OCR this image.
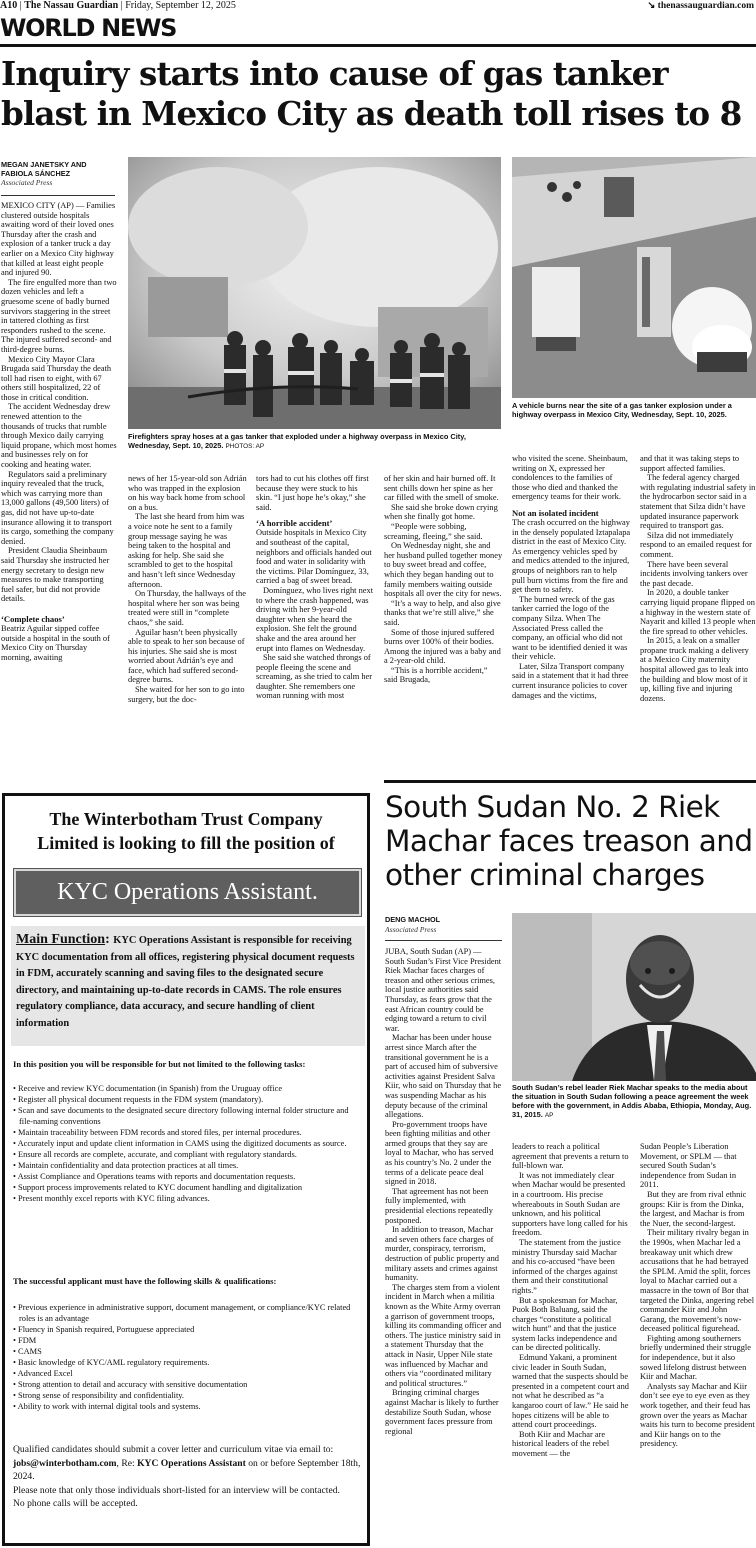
A10 | The Nassau Guardian | Friday, September 12, 2025	↘ thenassauguardian.com
WORLD NEWS
Inquiry starts into cause of gas tanker blast in Mexico City as death toll rises to 8
MEGAN JANETSKY AND
FABIOLA SÁNCHEZ
Associated Press

MEXICO CITY (AP) — Families clustered outside hospitals awaiting word of their loved ones Thursday after the crash and explosion of a tanker truck a day earlier on a Mexico City highway that killed at least eight people and injured 90.

The fire engulfed more than two dozen vehicles and left a gruesome scene of badly burned survivors staggering in the street in tattered clothing as first responders rushed to the scene. The injured suffered second- and third-degree burns.

Mexico City Mayor Clara Brugada said Thursday the death toll had risen to eight, with 67 others still hospitalized, 22 of those in critical condition.

The accident Wednesday drew renewed attention to the thousands of trucks that rumble through Mexico daily carrying liquid propane, which most homes and businesses rely on for cooking and heating water.

Regulators said a preliminary inquiry revealed that the truck, which was carrying more than 13,000 gallons (49,500 liters) of gas, did not have up-to-date insurance allowing it to transport its cargo, something the company denied.

President Claudia Sheinbaum said Thursday she instructed her energy secretary to design new measures to make transporting fuel safer, but did not provide details.

‘Complete chaos’

Beatriz Aguilar sipped coffee outside a hospital in the south of Mexico City on Thursday morning, awaiting

Firefighters spray hoses at a gas tanker that exploded under a highway overpass in Mexico City, Wednesday, Sept. 10, 2025. PHOTOS: AP
A vehicle burns near the site of a gas tanker explosion under a highway overpass in Mexico City, Wednesday, Sept. 10, 2025.

news of her 15-year-old son Adrián who was trapped in the explosion on his way back home from school on a bus.

The last she heard from him was a voice note he sent to a family group message saying he was being taken to the hospital and asking for help. She said she scrambled to get to the hospital and hasn’t left since Wednesday afternoon.

On Thursday, the hallways of the hospital where her son was being treated were still in “complete chaos,” she said.

Aguilar hasn’t been physically able to speak to her son because of his injuries. She said she is most worried about Adrián’s eye and face, which had suffered second-degree burns.

She waited for her son to go into surgery, but the doc-

tors had to cut his clothes off first because they were stuck to his skin. “I just hope he’s okay,” she said.

‘A horrible accident’

Outside hospitals in Mexico City and southeast of the capital, neighbors and officials handed out food and water in solidarity with the victims. Pilar Domínguez, 33, carried a bag of sweet bread.

Domínguez, who lives right next to where the crash happened, was driving with her 9-year-old daughter when she heard the explosion. She felt the ground shake and the area around her erupt into flames on Wednesday.

She said she watched throngs of people fleeing the scene and screaming, as she tried to calm her daughter. She remembers one woman running with most

of her skin and hair burned off. It sent chills down her spine as her car filled with the smell of smoke.

She said she broke down crying when she finally got home.

“People were sobbing, screaming, fleeing,” she said.

On Wednesday night, she and her husband pulled together money to buy sweet bread and coffee, which they began handing out to family members waiting outside hospitals all over the city for news.

“It’s a way to help, and also give thanks that we’re still alive,” she said.

Some of those injured suffered burns over 100% of their bodies. Among the injured was a baby and a 2-year-old child.

“This is a horrible accident,” said Brugada,

who visited the scene. Sheinbaum, writing on X, expressed her condolences to the families of those who died and thanked the emergency teams for their work.

Not an isolated incident

The crash occurred on the highway in the densely populated Iztapalapa district in the east of Mexico City. As emergency vehicles sped by and medics attended to the injured, groups of neighbors ran to help pull burn victims from the fire and get them to safety.

The burned wreck of the gas tanker carried the logo of the company Silza. When The Associated Press called the company, an official who did not want to be identified denied it was their vehicle.

Later, Silza Transport company said in a statement that it had three current insurance policies to cover damages and the victims,

and that it was taking steps to support affected families.

The federal agency charged with regulating industrial safety in the hydrocarbon sector said in a statement that Silza didn’t have updated insurance paperwork required to transport gas.

Silza did not immediately respond to an emailed request for comment.

There have been several incidents involving tankers over the past decade.

In 2020, a double tanker carrying liquid propane flipped on a highway in the western state of Nayarit and killed 13 people when the fire spread to other vehicles.

In 2015, a leak on a smaller propane truck making a delivery at a Mexico City maternity hospital allowed gas to leak into the building and blow most of it up, killing five and injuring dozens.

The Winterbotham Trust Company
Limited is looking to fill the position of
KYC Operations Assistant.
Main Function: KYC Operations Assistant is responsible for receiving KYC documentation from all offices, registering physical document requests in FDM, accurately scanning and saving files to the designated secure directory, and maintaining up-to-date records in CAMS. The role ensures regulatory compliance, data accuracy, and secure handling of client information
In this position you will be responsible for but not limited to the following tasks:
• Receive and review KYC documentation (in Spanish) from the Uruguay office
• Register all physical document requests in the FDM system (mandatory).
• Scan and save documents to the designated secure directory following internal folder structure and file-naming conventions
• Maintain traceability between FDM records and stored files, per internal procedures.
• Accurately input and update client information in CAMS using the digitized documents as source.
• Ensure all records are complete, accurate, and compliant with regulatory standards.
• Maintain confidentiality and data protection practices at all times.
• Assist Compliance and Operations teams with reports and documentation requests.
• Support process improvements related to KYC document handling and digitalization
• Present monthly excel reports with KYC filing advances.
The successful applicant must have the following skills & qualifications:
• Previous experience in administrative support, document management, or compliance/KYC related roles is an advantage
• Fluency in Spanish required, Portuguese appreciated
• FDM
• CAMS
• Basic knowledge of KYC/AML regulatory requirements.
• Advanced Excel
• Strong attention to detail and accuracy with sensitive documentation
• Strong sense of responsibility and confidentiality.
• Ability to work with internal digital tools and systems.
Qualified candidates should submit a cover letter and curriculum vitae via email to: jobs@winterbotham.com, Re: KYC Operations Assistant on or before September 18th, 2024.
Please note that only those individuals short-listed for an interview will be contacted.
No phone calls will be accepted.
South Sudan No. 2 Riek Machar faces treason and other criminal charges
DENG MACHOL
Associated Press
South Sudan’s rebel leader Riek Machar speaks to the media about the situation in South Sudan following a peace agreement the week before with the government, in Addis Ababa, Ethiopia, Monday, Aug. 31, 2015. AP

JUBA, South Sudan (AP) — South Sudan’s First Vice President Riek Machar faces charges of treason and other serious crimes, local justice authorities said Thursday, as fears grow that the east African country could be edging toward a return to civil war.

Machar has been under house arrest since March after the transitional government he is a part of accused him of subversive activities against President Salva Kiir, who said on Thursday that he was suspending Machar as his deputy because of the criminal allegations.

Pro-government troops have been fighting militias and other armed groups that they say are loyal to Machar, who has served as his country’s No. 2 under the terms of a delicate peace deal signed in 2018.

That agreement has not been fully implemented, with presidential elections repeatedly postponed.

In addition to treason, Machar and seven others face charges of murder, conspiracy, terrorism, destruction of public property and military assets and crimes against humanity.

The charges stem from a violent incident in March when a militia known as the White Army overran a garrison of government troops, killing its commanding officer and others. The justice ministry said in a statement Thursday that the attack in Nasir, Upper Nile state was influenced by Machar and others via “coordinated military and political structures.”

Bringing criminal charges against Machar is likely to further destabilize South Sudan, whose government faces pressure from regional

leaders to reach a political agreement that prevents a return to full-blown war.

It was not immediately clear when Machar would be presented in a courtroom. His precise whereabouts in South Sudan are unknown, and his political supporters have long called for his freedom.

The statement from the justice ministry Thursday said Machar and his co-accused “have been informed of the charges against them and their constitutional rights.”

But a spokesman for Machar, Puok Both Baluang, said the charges “constitute a political witch hunt” and that the justice system lacks independence and can be directed politically.

Edmund Yakani, a prominent civic leader in South Sudan, warned that the suspects should be presented in a competent court and not what he described as “a kangaroo court of law.” He said he hopes citizens will be able to attend court proceedings.

Both Kiir and Machar are historical leaders of the rebel movement — the

Sudan People’s Liberation Movement, or SPLM — that secured South Sudan’s independence from Sudan in 2011.

But they are from rival ethnic groups: Kiir is from the Dinka, the largest, and Machar is from the Nuer, the second-largest.

Their military rivalry began in the 1990s, when Machar led a breakaway unit which drew accusations that he had betrayed the SPLM. Amid the split, forces loyal to Machar carried out a massacre in the town of Bor that targeted the Dinka, angering rebel commander Kiir and John Garang, the movement’s now-deceased political figurehead.

Fighting among southerners briefly undermined their struggle for independence, but it also sowed lifelong distrust between Kiir and Machar.

Analysts say Machar and Kiir don’t see eye to eye even as they work together, and their feud has grown over the years as Machar waits his turn to become president and Kiir hangs on to the presidency.
